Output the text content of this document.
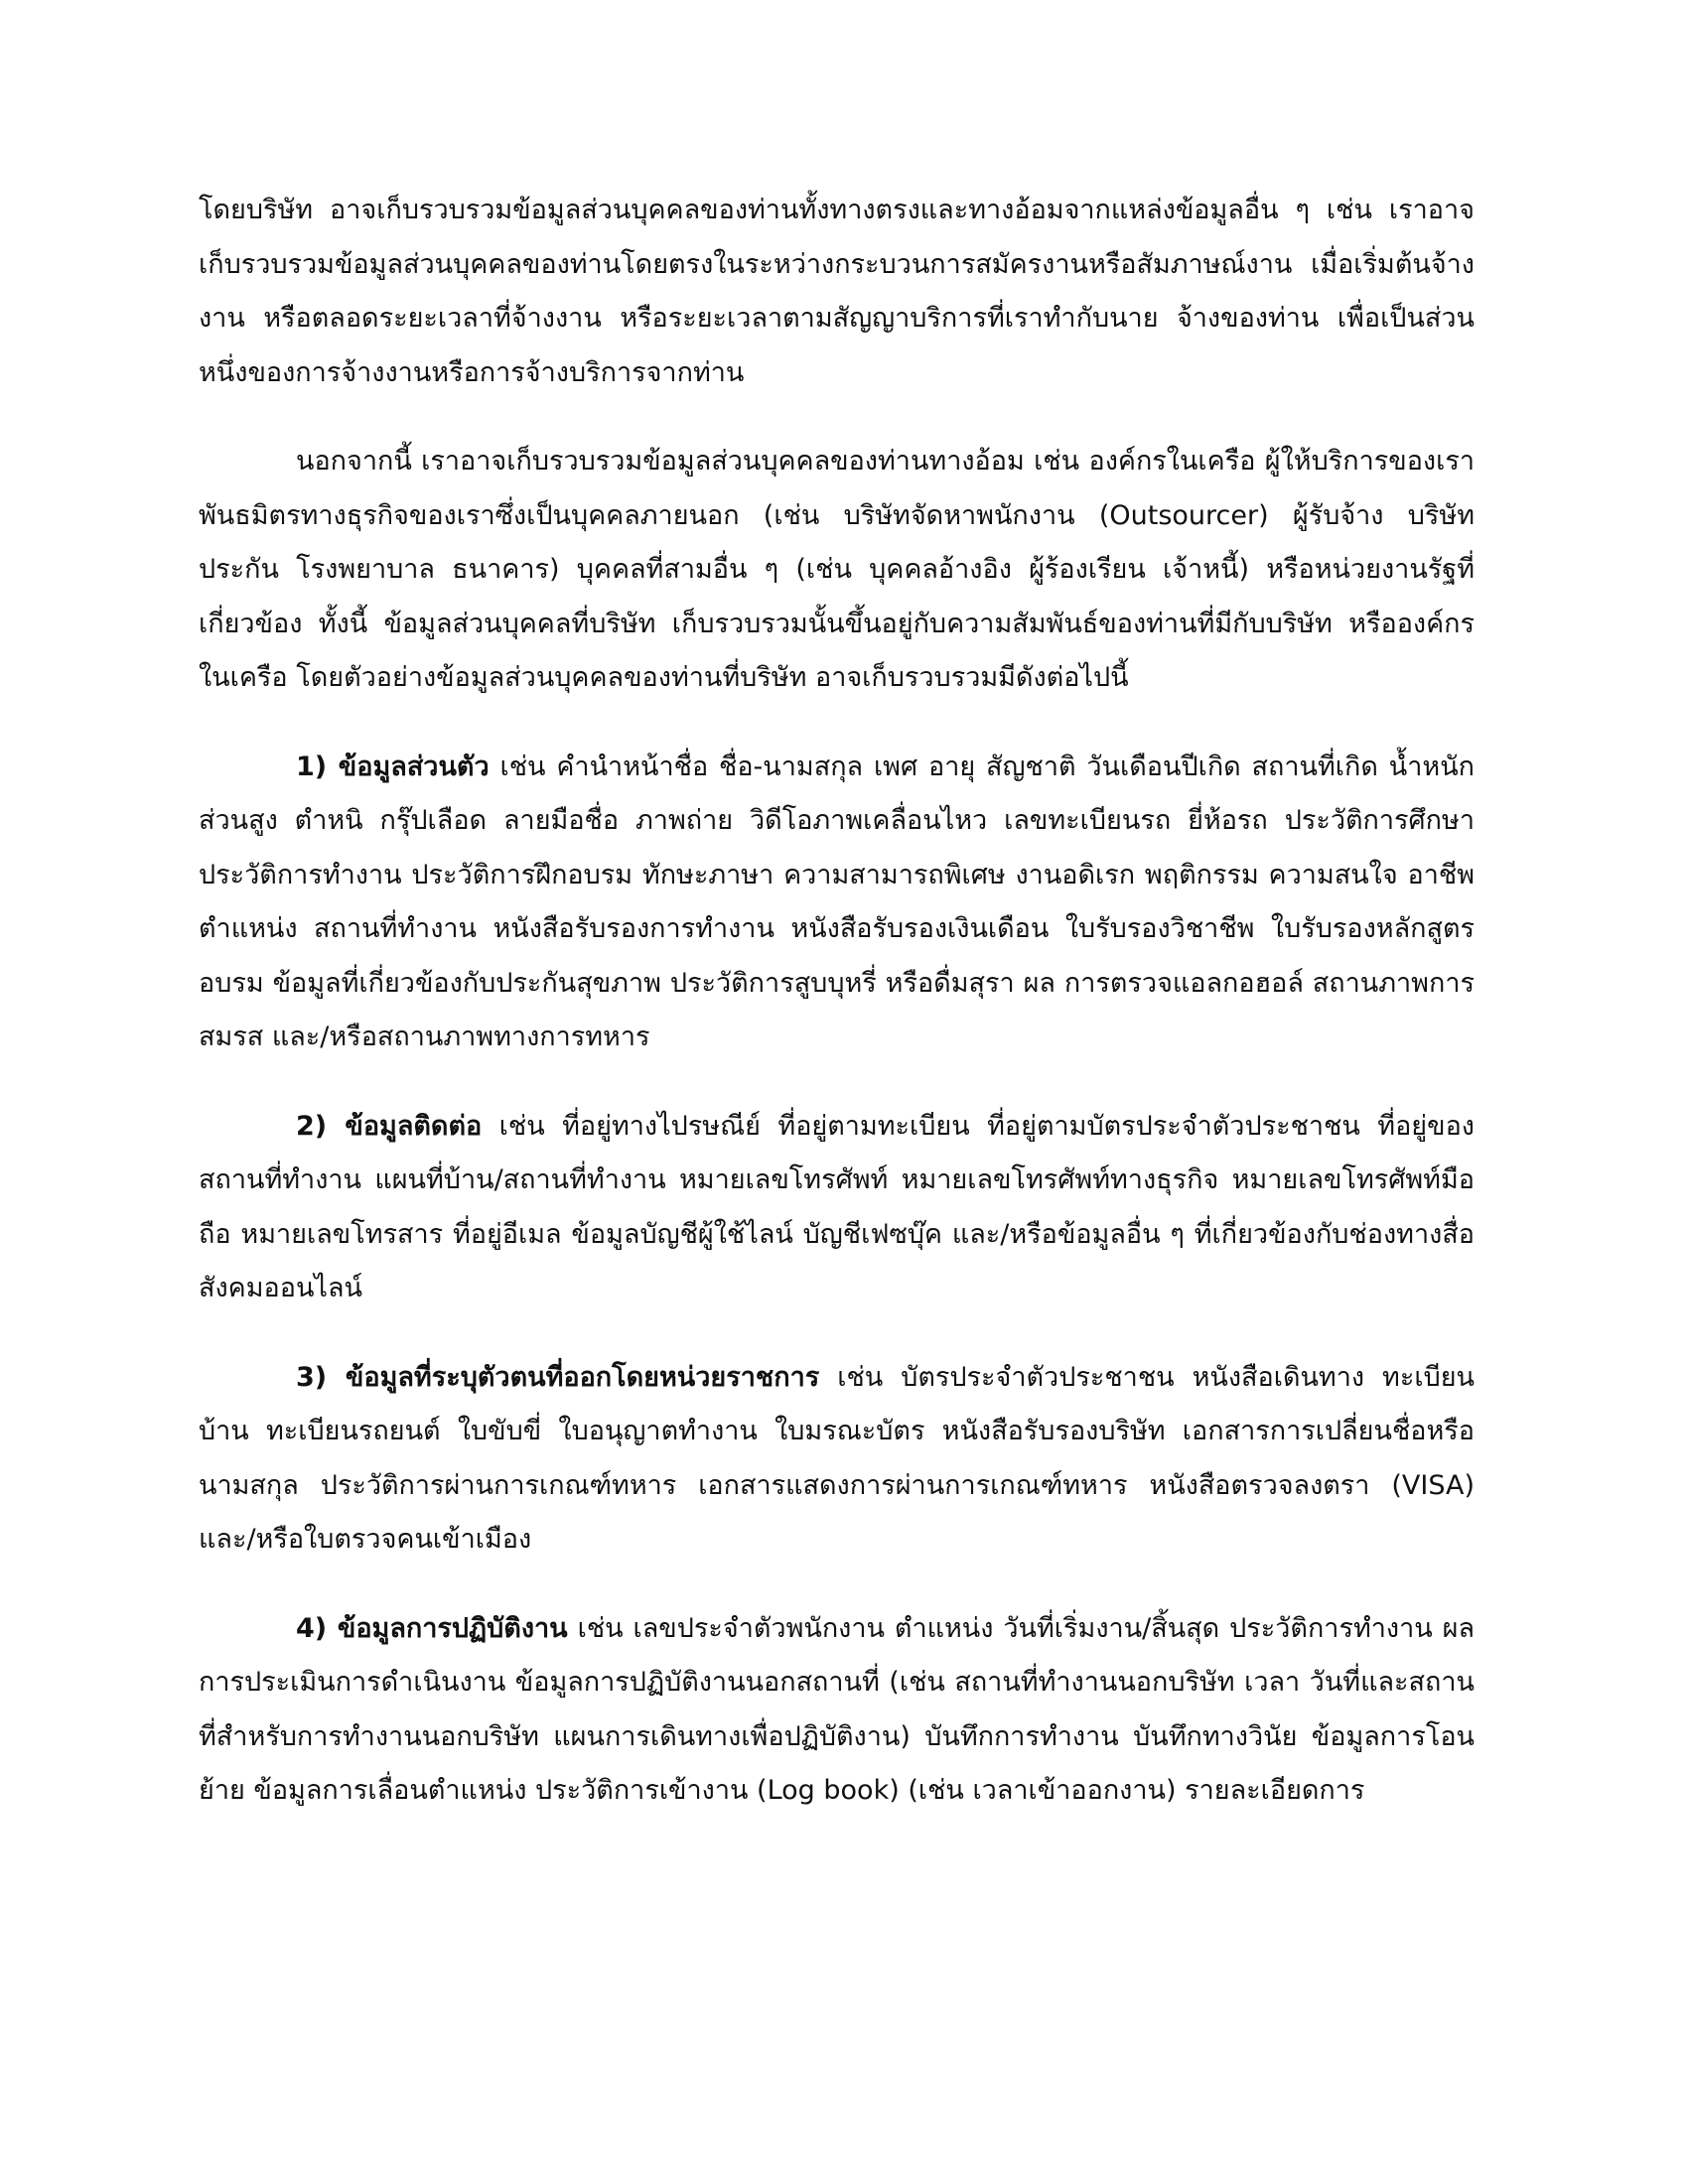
โดยบริษัท อาจเก็บรวบรวมข้อมูลส่วนบุคคลของท่านทั้งทางตรงและทางอ้อมจากแหล่งข้อมูลอื่น ๆ เช่น เราอาจเก็บรวบรวมข้อมูลส่วนบุคคลของท่านโดยตรงในระหว่างกระบวนการสมัครงานหรือสัมภาษณ์งาน เมื่อเริ่มต้นจ้างงาน หรือตลอดระยะเวลาที่จ้างงาน หรือระยะเวลาตามสัญญาบริการที่เราทำกับนาย จ้างของท่าน เพื่อเป็นส่วนหนึ่งของการจ้างงานหรือการจ้างบริการจากท่าน

นอกจากนี้ เราอาจเก็บรวบรวมข้อมูลส่วนบุคคลของท่านทางอ้อม เช่น องค์กรในเครือ ผู้ให้บริการของเรา พันธมิตรทางธุรกิจของเราซึ่งเป็นบุคคลภายนอก (เช่น บริษัทจัดหาพนักงาน (Outsourcer) ผู้รับจ้าง บริษัทประกัน โรงพยาบาล ธนาคาร) บุคคลที่สามอื่น ๆ (เช่น บุคคลอ้างอิง ผู้ร้องเรียน เจ้าหนี้) หรือหน่วยงานรัฐที่เกี่ยวข้อง ทั้งนี้ ข้อมูลส่วนบุคคลที่บริษัท เก็บรวบรวมนั้นขึ้นอยู่กับความสัมพันธ์ของท่านที่มีกับบริษัท หรือองค์กรในเครือ โดยตัวอย่างข้อมูลส่วนบุคคลของท่านที่บริษัท อาจเก็บรวบรวมมีดังต่อไปนี้

1) ข้อมูลส่วนตัว เช่น คำนำหน้าชื่อ ชื่อ-นามสกุล เพศ อายุ สัญชาติ วันเดือนปีเกิด สถานที่เกิด น้ำหนัก ส่วนสูง ตำหนิ กรุ๊ปเลือด ลายมือชื่อ ภาพถ่าย วิดีโอภาพเคลื่อนไหว เลขทะเบียนรถ ยี่ห้อรถ ประวัติการศึกษา ประวัติการทำงาน ประวัติการฝึกอบรม ทักษะภาษา ความสามารถพิเศษ งานอดิเรก พฤติกรรม ความสนใจ อาชีพ ตำแหน่ง สถานที่ทำงาน หนังสือรับรองการทำงาน หนังสือรับรองเงินเดือน ใบรับรองวิชาชีพ ใบรับรองหลักสูตรอบรม ข้อมูลที่เกี่ยวข้องกับประกันสุขภาพ ประวัติการสูบบุหรี่ หรือดื่มสุรา ผล การตรวจแอลกอฮอล์ สถานภาพการสมรส และ/หรือสถานภาพทางการทหาร

2) ข้อมูลติดต่อ เช่น ที่อยู่ทางไปรษณีย์ ที่อยู่ตามทะเบียน ที่อยู่ตามบัตรประจำตัวประชาชน ที่อยู่ของสถานที่ทำงาน แผนที่บ้าน/สถานที่ทำงาน หมายเลขโทรศัพท์ หมายเลขโทรศัพท์ทางธุรกิจ หมายเลขโทรศัพท์มือถือ หมายเลขโทรสาร ที่อยู่อีเมล ข้อมูลบัญชีผู้ใช้ไลน์ บัญชีเฟซบุ๊ค และ/หรือข้อมูลอื่น ๆ ที่เกี่ยวข้องกับช่องทางสื่อสังคมออนไลน์

3) ข้อมูลที่ระบุตัวตนที่ออกโดยหน่วยราชการ เช่น บัตรประจำตัวประชาชน หนังสือเดินทาง ทะเบียนบ้าน ทะเบียนรถยนต์ ใบขับขี่ ใบอนุญาตทำงาน ใบมรณะบัตร หนังสือรับรองบริษัท เอกสารการเปลี่ยนชื่อหรือนามสกุล ประวัติการผ่านการเกณฑ์ทหาร เอกสารแสดงการผ่านการเกณฑ์ทหาร หนังสือตรวจลงตรา (VISA) และ/หรือใบตรวจคนเข้าเมือง

4) ข้อมูลการปฏิบัติงาน เช่น เลขประจำตัวพนักงาน ตำแหน่ง วันที่เริ่มงาน/สิ้นสุด ประวัติการทำงาน ผลการประเมินการดำเนินงาน ข้อมูลการปฏิบัติงานนอกสถานที่ (เช่น สถานที่ทำงานนอกบริษัท เวลา วันที่และสถานที่สำหรับการทำงานนอกบริษัท แผนการเดินทางเพื่อปฏิบัติงาน) บันทึกการทำงาน บันทึกทางวินัย ข้อมูลการโอนย้าย ข้อมูลการเลื่อนตำแหน่ง ประวัติการเข้างาน (Log book) (เช่น เวลาเข้าออกงาน) รายละเอียดการ
